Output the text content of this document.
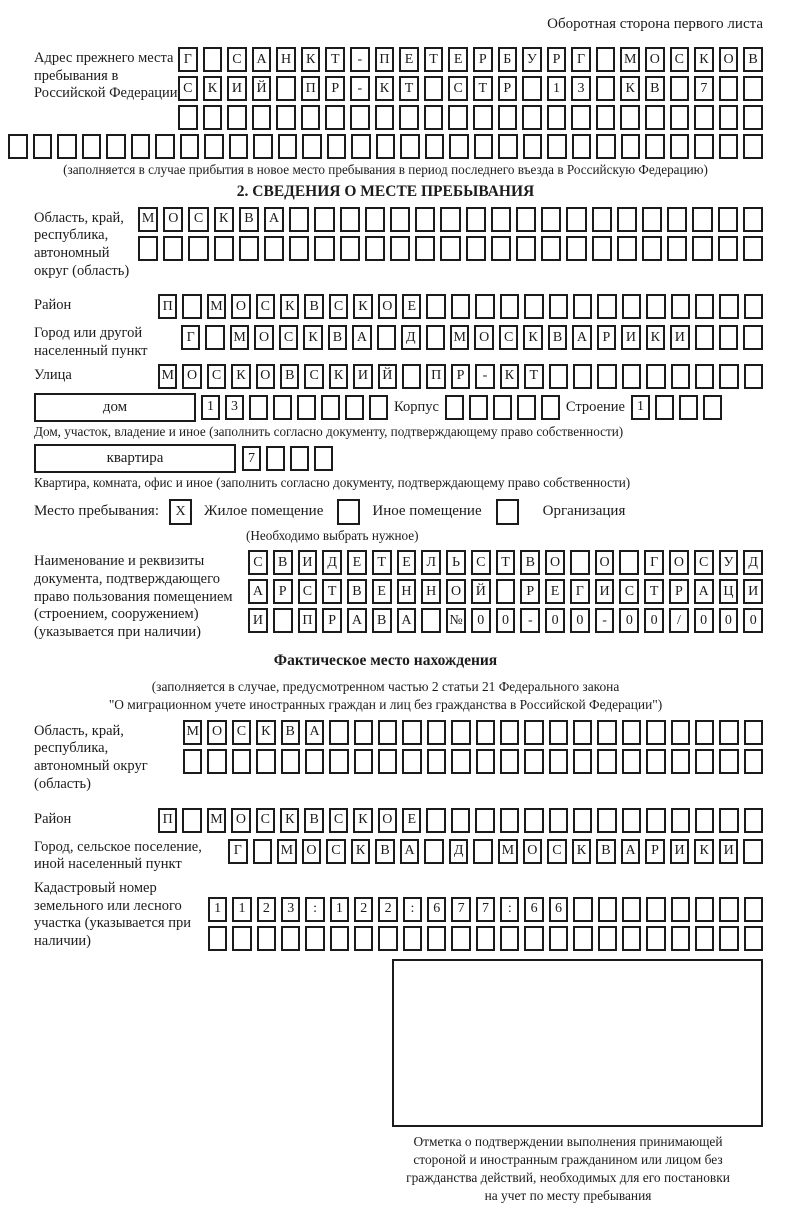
Оборотная сторона первого листа
Адрес прежнего места пребывания в Российской Федерации
Г	С	А	Н	К	Т	-	П	Е	Т	Е	Р	Б	У	Р	Г	М О	С	К	О	В
С	К	И	Й	П	Р	-	К	Т	С	Т	Р	1	3	К	В	7
(заполняется в случае прибытия в новое место пребывания в период последнего въезда в Российскую Федерацию)
2. СВЕДЕНИЯ О МЕСТЕ ПРЕБЫВАНИЯ
Область, край, республика, автономный округ (область)
М О	С	К	В	А
Район	П	М О	С	К	В	С	К	О	Е
Город или другой населенный пункт
Г	М О	С	К	В	А	Д	М О	С	К	В	А	Р	И	К	И
Улица	М О	С	К	О	В	С	К	И	Й	П	Р	-	К	Т
дом	1	3	Корпус	Строение 1
Дом, участок, владение и иное (заполнить согласно документу, подтверждающему право собственности)
квартира	7
Квартира, комната, офис и иное (заполнить согласно документу, подтверждающему право собственности)
Место пребывания:	X	Жилое помещение	Иное помещение	Организация
(Необходимо выбрать нужное)
Наименование и реквизиты документа, подтверждающего право пользования помещением (строением, сооружением) (указывается при наличии)
С	В	И	Д	Е	Т	Е	Л	Ь	С	Т	В	О	О	Г	О	С	У	Д
А	Р	С	Т	В	Е	Н	Н	О	Й	Р	Е	Г	И	С	Т	Р	А	Ц	И
И	П	Р	А	В	А	№	0	0	-	0	0	-	0	0	/	0	0	0
Фактическое место нахождения
(заполняется в случае, предусмотренном частью 2 статьи 21 Федерального закона
"О миграционном учете иностранных граждан и лиц без гражданства в Российской Федерации")
Область, край, республика, автономный округ (область)
М О	С	К	В	А
Район	П	М О	С	К	В	С	К	О	Е
Город, сельское поселение, иной населенный пункт
Г	М О	С	К	В	А	Д	М О	С	К	В	А	Р	И	К	И
Кадастровый номер земельного или лесного участка (указывается при наличии)
1	1	2	3	:	1	2	2	:	6	7	7	:	6	6
Отметка о подтверждении выполнения принимающей
стороной и иностранным гражданином или лицом без
гражданства действий, необходимых для его постановки
на учет по месту пребывания
